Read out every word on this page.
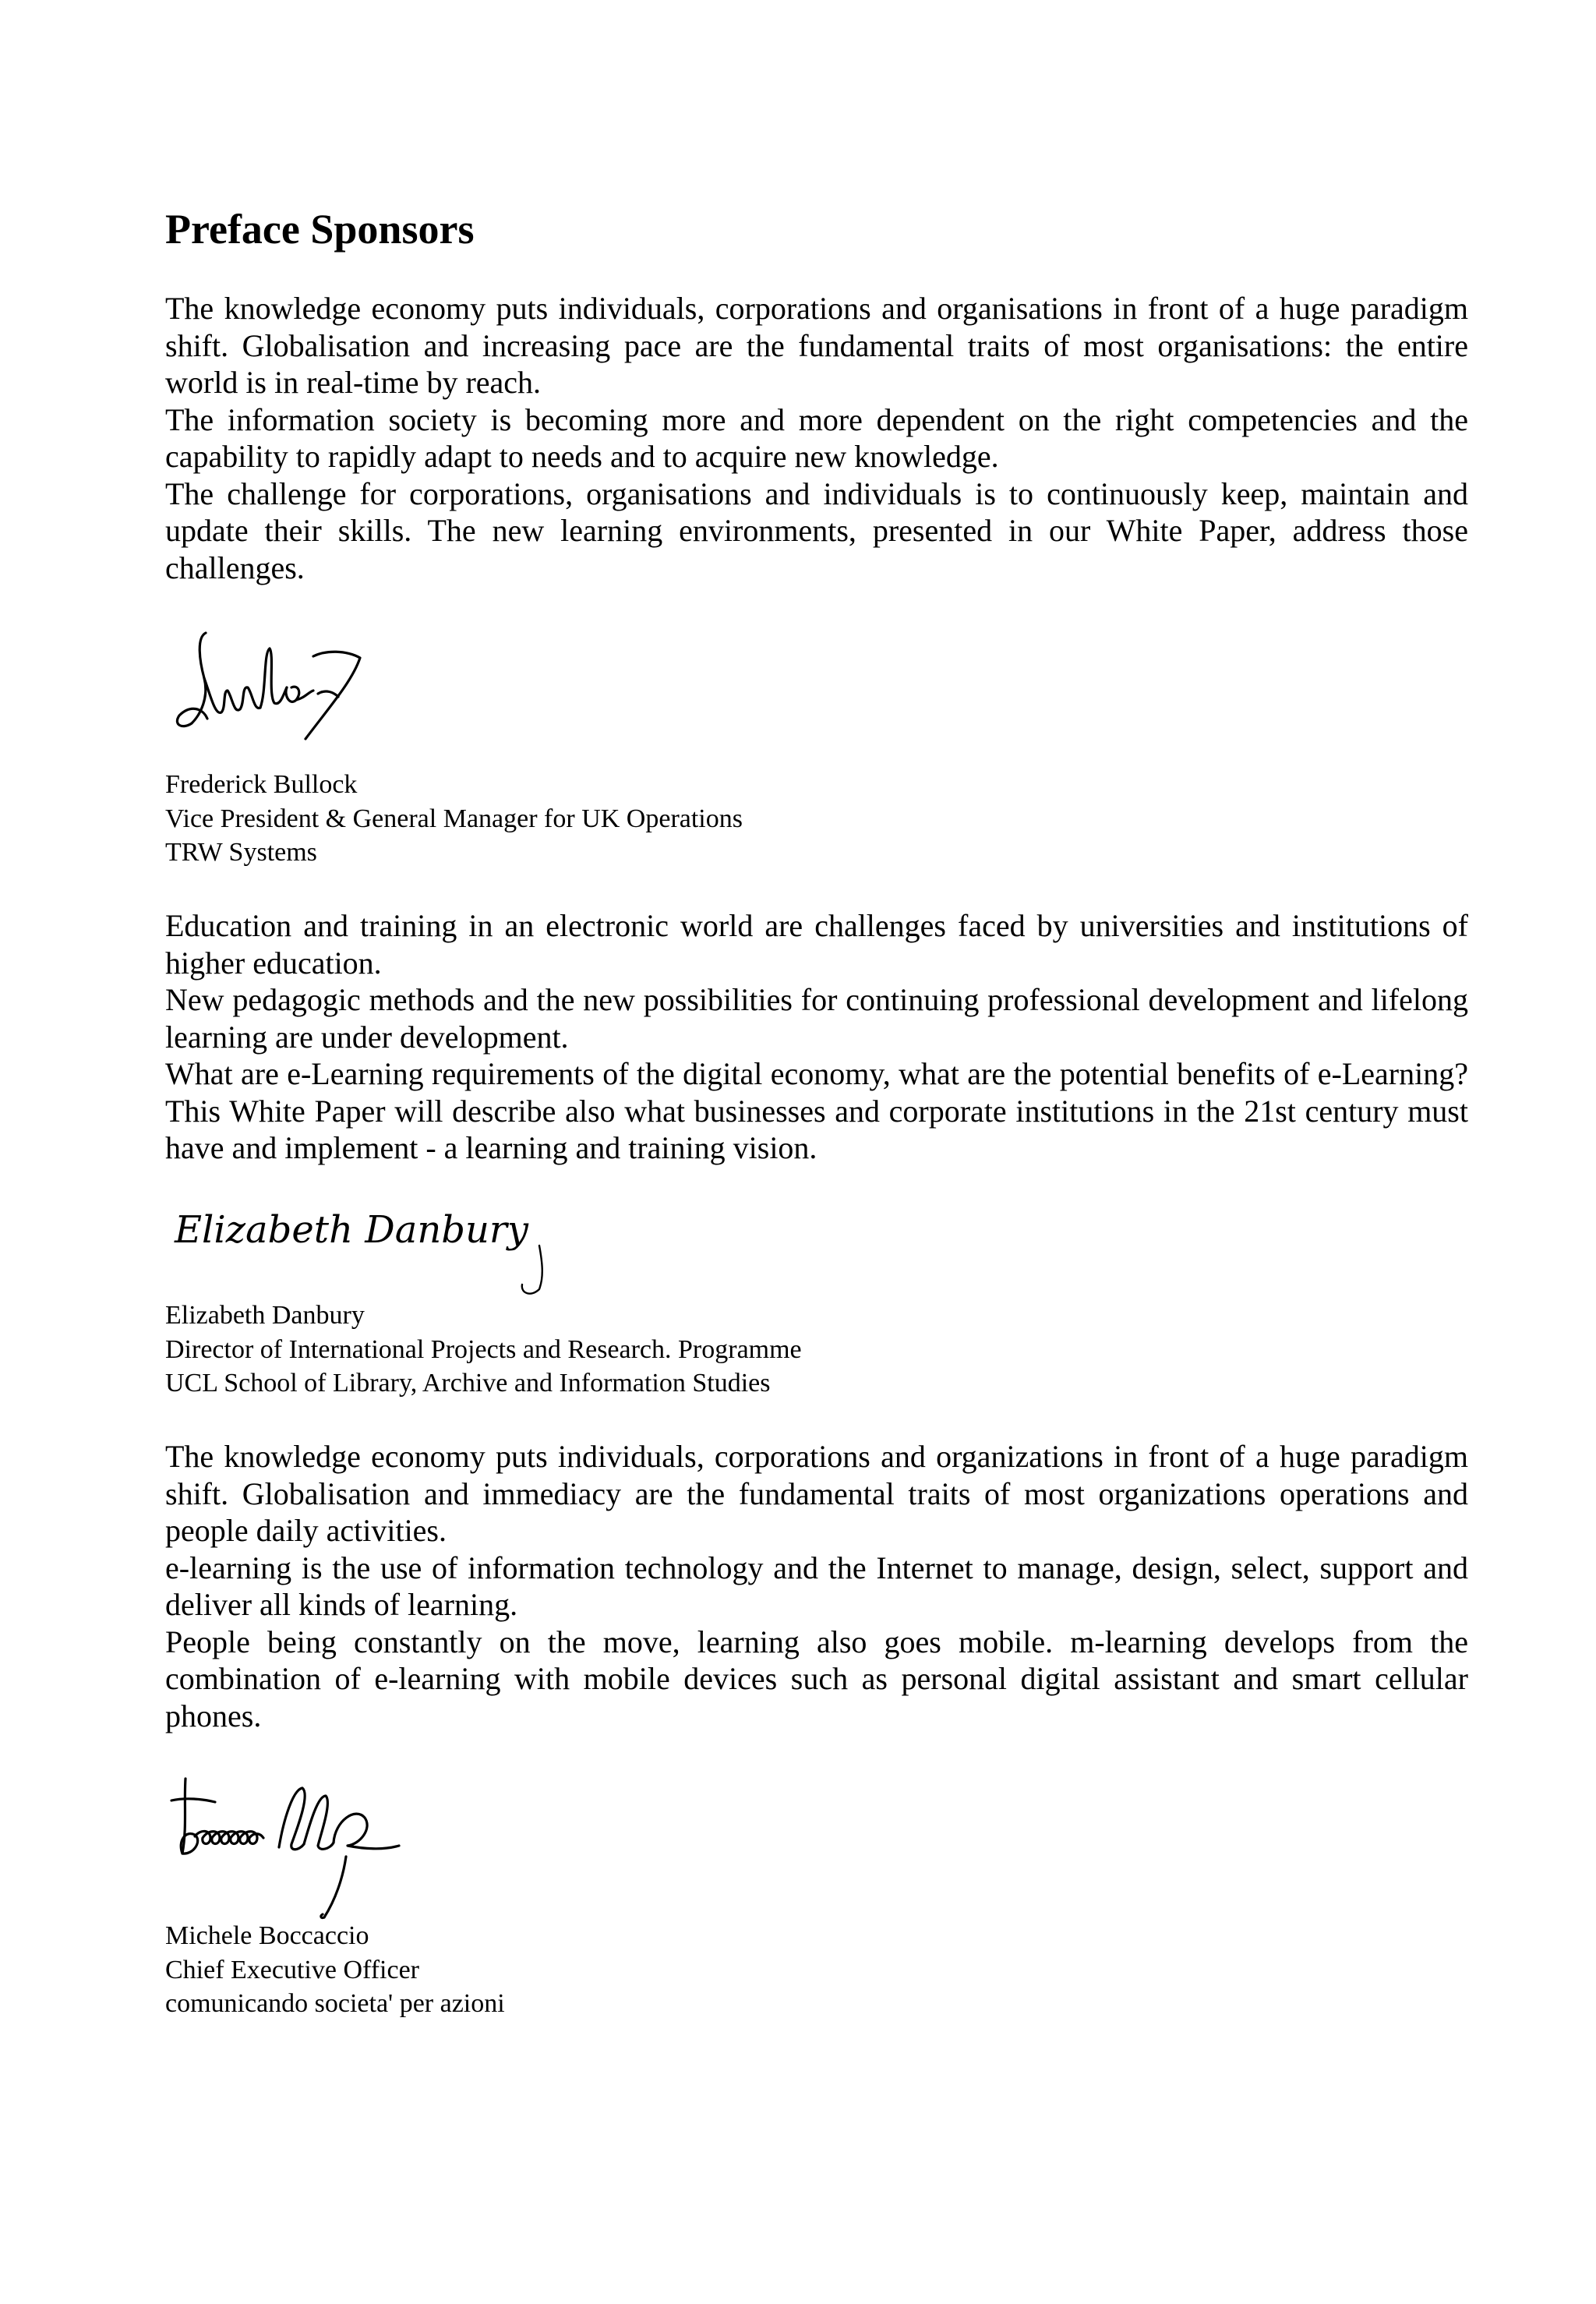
Preface Sponsors

The knowledge economy puts individuals, corporations and organisations in front of a huge paradigm shift. Globalisation and increasing pace are the fundamental traits of most organisations: the entire world is in real-time by reach.

The information society is becoming more and more dependent on the right competencies and the capability to rapidly adapt to needs and to acquire new knowledge.

The challenge for corporations, organisations and individuals is to continuously keep, maintain and update their skills. The new learning environments, presented in our White Paper, address those challenges.

Frederick Bullock
Vice President & General Manager for UK Operations
TRW Systems

Education and training in an electronic world are challenges faced by universities and institutions of higher education.

New pedagogic methods and the new possibilities for continuing professional development and lifelong learning are under development.

What are e-Learning requirements of the digital economy, what are the potential benefits of e-Learning? This White Paper will describe also what businesses and corporate institutions in the 21st century must have and implement - a learning and training vision.

Elizabeth Danbury
Elizabeth Danbury
Director of International Projects and Research. Programme
UCL School of Library, Archive and Information Studies

The knowledge economy puts individuals, corporations and organizations in front of a huge paradigm shift. Globalisation and immediacy are the fundamental traits of most organizations operations and people daily activities.

e-learning is the use of information technology and the Internet to manage, design, select, support and deliver all kinds of learning.

People being constantly on the move, learning also goes mobile. m-learning develops from the combination of e-learning with mobile devices such as personal digital assistant and smart cellular phones.

Michele Boccaccio
Chief Executive Officer
comunicando societa' per azioni
